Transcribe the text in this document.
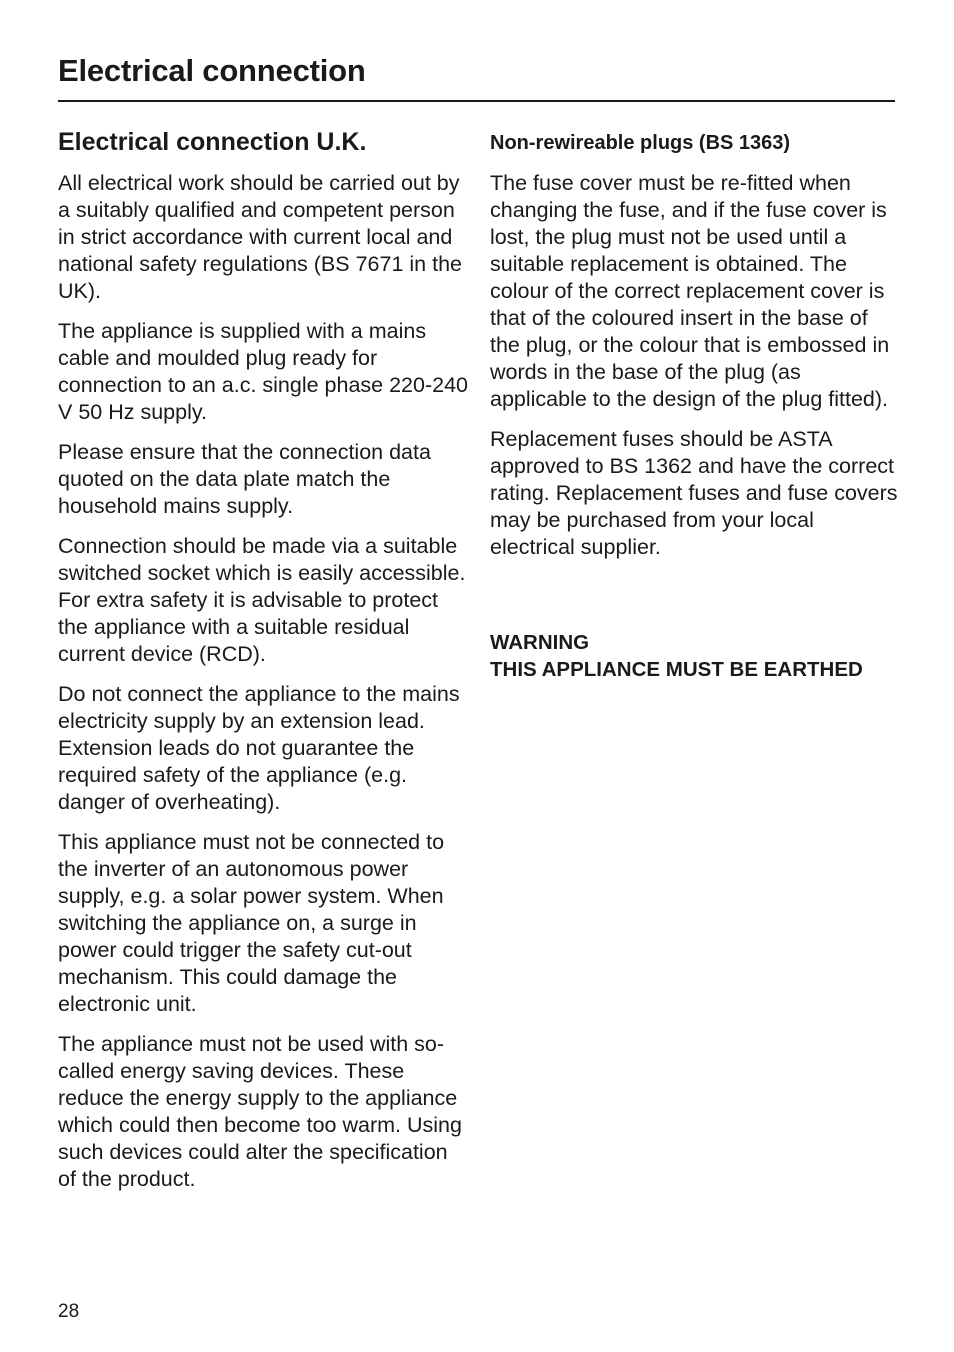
Electrical connection
Electrical connection U.K.

All electrical work should be carried out by a suitably qualified and competent person in strict accordance with current local and national safety regulations (BS 7671 in the UK).

The appliance is supplied with a mains cable and moulded plug ready for connection to an a.c. single phase 220-240 V 50 Hz supply.

Please ensure that the connection data quoted on the data plate match the household mains supply.

Connection should be made via a suitable switched socket which is easily accessible. For extra safety it is advisable to protect the appliance with a suitable residual current device (RCD).

Do not connect the appliance to the mains electricity supply by an extension lead. Extension leads do not guarantee the required safety of the appliance (e.g. danger of overheating).

This appliance must not be connected to the inverter of an autonomous power supply, e.g. a solar power system. When switching the appliance on, a surge in power could trigger the safety cut-out mechanism. This could damage the electronic unit.

The appliance must not be used with so-called energy saving devices. These reduce the energy supply to the appliance which could then become too warm. Using such devices could alter the specification of the product.

Non-rewireable plugs (BS 1363)

The fuse cover must be re-fitted when changing the fuse, and if the fuse cover is lost, the plug must not be used until a suitable replacement is obtained. The colour of the correct replacement cover is that of the coloured insert in the base of the plug, or the colour that is embossed in words in the base of the plug (as applicable to the design of the plug fitted).

Replacement fuses should be ASTA approved to BS 1362 and have the correct rating. Replacement fuses and fuse covers may be purchased from your local electrical supplier.

WARNING
THIS APPLIANCE MUST BE EARTHED
28
